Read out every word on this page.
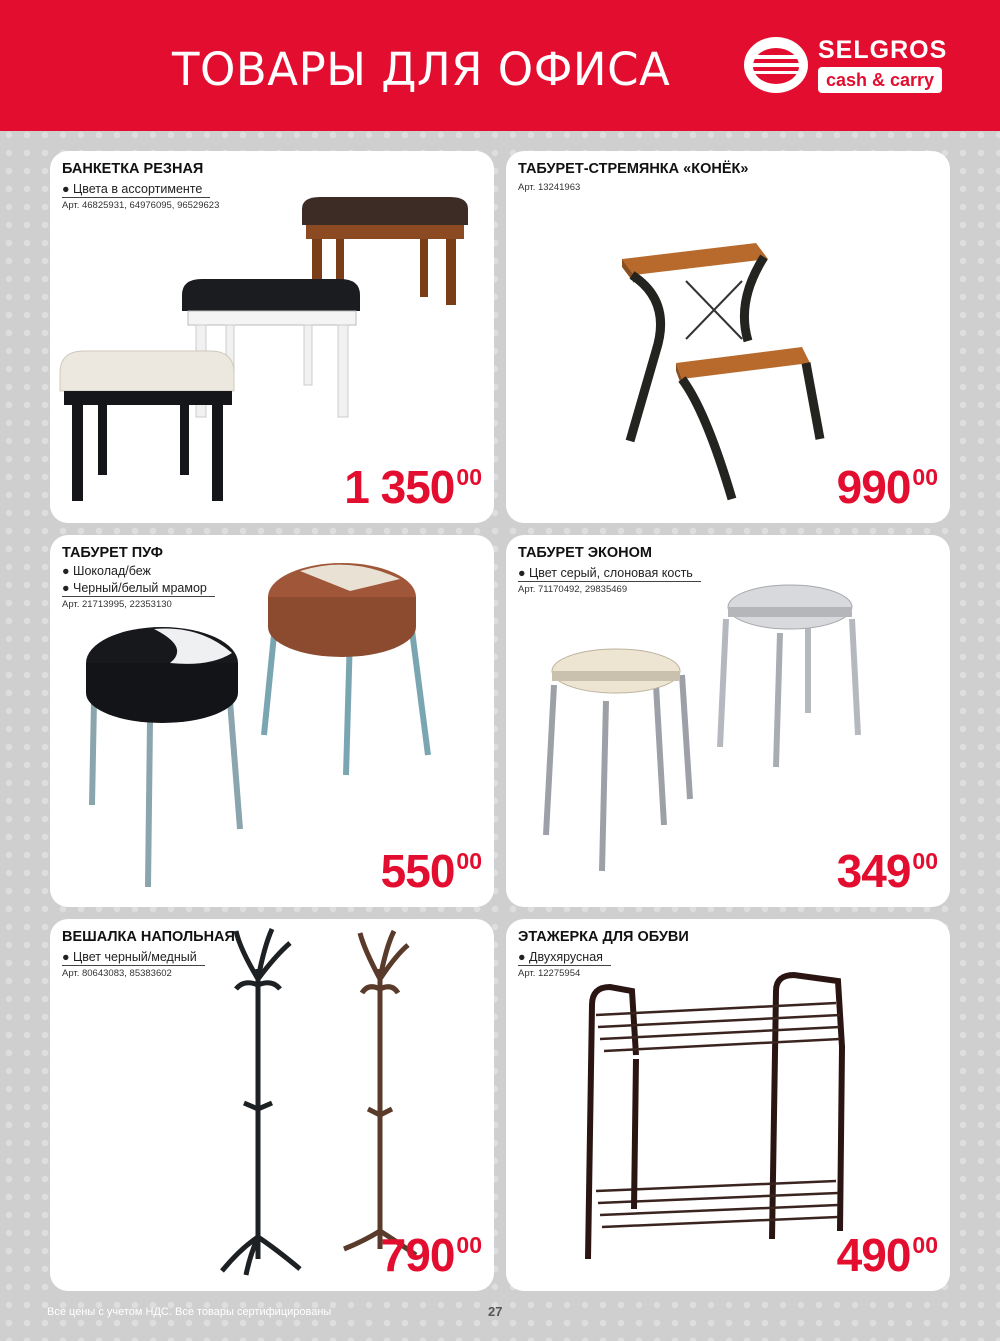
ТОВАРЫ ДЛЯ ОФИСА	SELGROS
cash & carry
БАНКЕТКА РЕЗНАЯ
● Цвета в ассортименте
Арт. 46825931, 64976095, 96529623
1 35000
ТАБУРЕТ-СТРЕМЯНКА «КОНЁК»
Арт. 13241963
99000
ТАБУРЕТ ПУФ
● Шоколад/беж
● Черный/белый мрамор
Арт. 21713995, 22353130
55000
ТАБУРЕТ ЭКОНОМ
● Цвет серый, слоновая кость
Арт. 71170492, 29835469
34900
ВЕШАЛКА НАПОЛЬНАЯ
● Цвет черный/медный
Арт. 80643083, 85383602
79000
ЭТАЖЕРКА ДЛЯ ОБУВИ
● Двухярусная
Арт. 12275954
49000
Все цены с учетом НДС. Все товары сертифицированы	27
